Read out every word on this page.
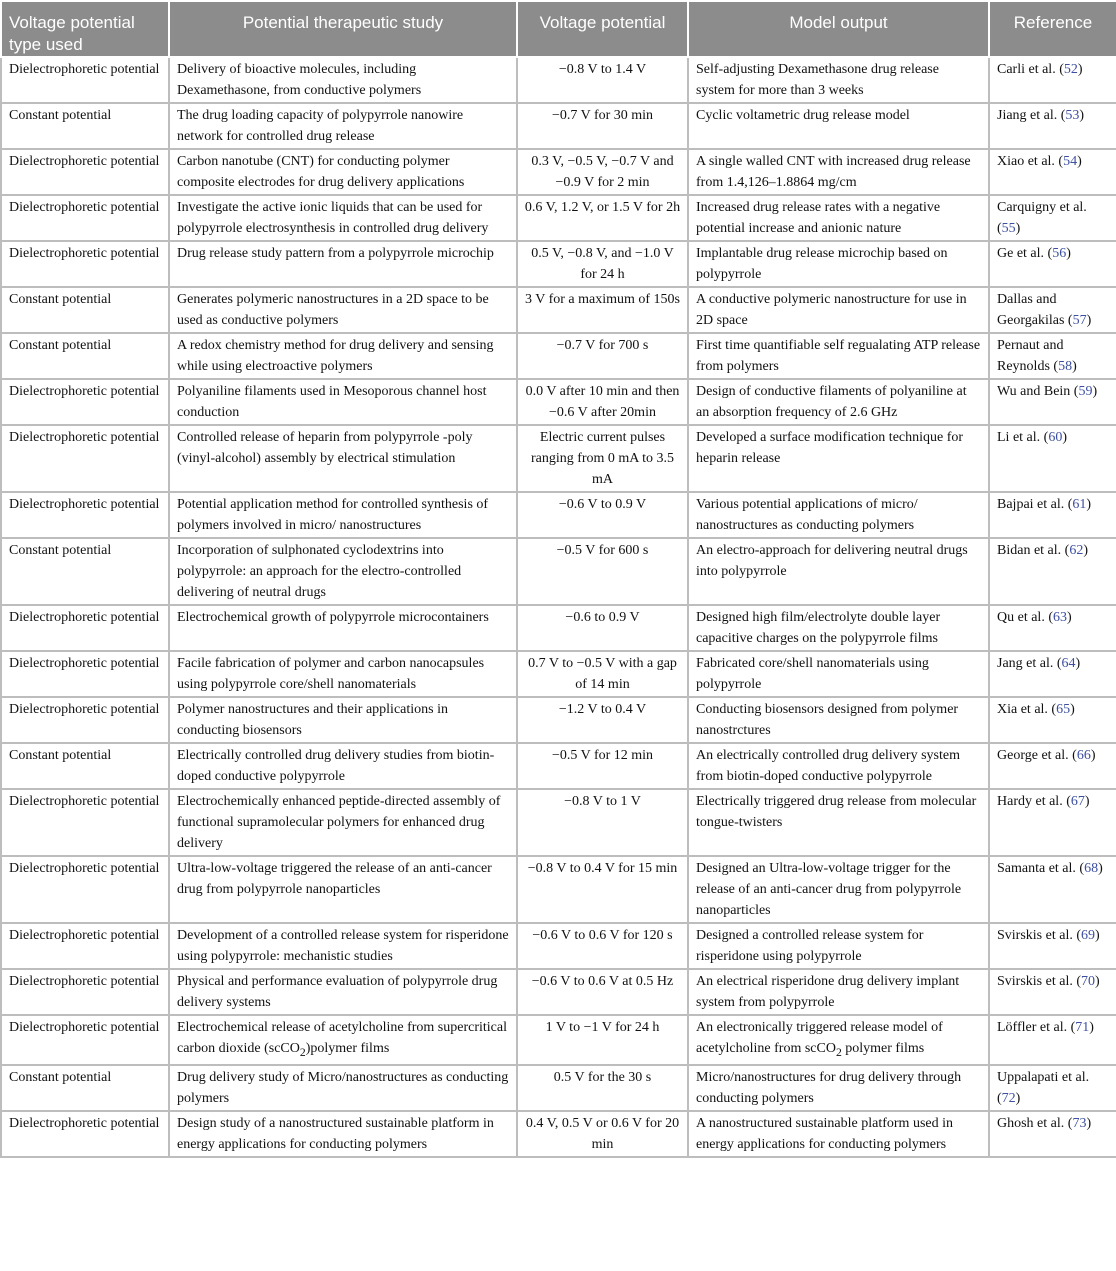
Voltage potential type used	Potential therapeutic study	Voltage potential	Model output	Reference
Dielectrophoretic potential	Delivery of bioactive molecules, including Dexamethasone, from conductive polymers	−0.8 V to 1.4 V	Self-adjusting Dexamethasone drug release system for more than 3 weeks	Carli et al. (52)
Constant potential	The drug loading capacity of polypyrrole nanowire network for controlled drug release	−0.7 V for 30 min	Cyclic voltametric drug release model	Jiang et al. (53)
Dielectrophoretic potential	Carbon nanotube (CNT) for conducting polymer composite electrodes for drug delivery applications	0.3 V, −0.5 V, −0.7 V and −0.9 V for 2 min	A single walled CNT with increased drug release from 1.4,126–1.8864 mg/cm	Xiao et al. (54)
Dielectrophoretic potential	Investigate the active ionic liquids that can be used for polypyrrole electrosynthesis in controlled drug delivery	0.6 V, 1.2 V, or 1.5 V for 2h	Increased drug release rates with a negative potential increase and anionic nature	Carquigny et al. (55)
Dielectrophoretic potential	Drug release study pattern from a polypyrrole microchip	0.5 V, −0.8 V, and −1.0 V for 24 h	Implantable drug release microchip based on polypyrrole	Ge et al. (56)
Constant potential	Generates polymeric nanostructures in a 2D space to be used as conductive polymers	3 V for a maximum of 150s	A conductive polymeric nanostructure for use in 2D space	Dallas and Georgakilas (57)
Constant potential	A redox chemistry method for drug delivery and sensing while using electroactive polymers	−0.7 V for 700 s	First time quantifiable self regualating ATP release from polymers	Pernaut and Reynolds (58)
Dielectrophoretic potential	Polyaniline filaments used in Mesoporous channel host conduction	0.0 V after 10 min and then −0.6 V after 20min	Design of conductive filaments of polyaniline at an absorption frequency of 2.6 GHz	Wu and Bein (59)
Dielectrophoretic potential	Controlled release of heparin from polypyrrole -poly (vinyl-alcohol) assembly by electrical stimulation	Electric current pulses ranging from 0 mA to 3.5 mA	Developed a surface modification technique for heparin release	Li et al. (60)
Dielectrophoretic potential	Potential application method for controlled synthesis of polymers involved in micro/ nanostructures	−0.6 V to 0.9 V	Various potential applications of micro/ nanostructures as conducting polymers	Bajpai et al. (61)
Constant potential	Incorporation of sulphonated cyclodextrins into polypyrrole: an approach for the electro-controlled delivering of neutral drugs	−0.5 V for 600 s	An electro-approach for delivering neutral drugs into polypyrrole	Bidan et al. (62)
Dielectrophoretic potential	Electrochemical growth of polypyrrole microcontainers	−0.6 to 0.9 V	Designed high film/electrolyte double layer capacitive charges on the polypyrrole films	Qu et al. (63)
Dielectrophoretic potential	Facile fabrication of polymer and carbon nanocapsules using polypyrrole core/shell nanomaterials	0.7 V to −0.5 V with a gap of 14 min	Fabricated core/shell nanomaterials using polypyrrole	Jang et al. (64)
Dielectrophoretic potential	Polymer nanostructures and their applications in conducting biosensors	−1.2 V to 0.4 V	Conducting biosensors designed from polymer nanostrctures	Xia et al. (65)
Constant potential	Electrically controlled drug delivery studies from biotin-doped conductive polypyrrole	−0.5 V for 12 min	An electrically controlled drug delivery system from biotin-doped conductive polypyrrole	George et al. (66)
Dielectrophoretic potential	Electrochemically enhanced peptide-directed assembly of functional supramolecular polymers for enhanced drug delivery	−0.8 V to 1 V	Electrically triggered drug release from molecular tongue-twisters	Hardy et al. (67)
Dielectrophoretic potential	Ultra-low-voltage triggered the release of an anti-cancer drug from polypyrrole nanoparticles	−0.8 V to 0.4 V for 15 min	Designed an Ultra-low-voltage trigger for the release of an anti-cancer drug from polypyrrole nanoparticles	Samanta et al. (68)
Dielectrophoretic potential	Development of a controlled release system for risperidone using polypyrrole: mechanistic studies	−0.6 V to 0.6 V for 120 s	Designed a controlled release system for risperidone using polypyrrole	Svirskis et al. (69)
Dielectrophoretic potential	Physical and performance evaluation of polypyrrole drug delivery systems	−0.6 V to 0.6 V at 0.5 Hz	An electrical risperidone drug delivery implant system from polypyrrole	Svirskis et al. (70)
Dielectrophoretic potential	Electrochemical release of acetylcholine from supercritical carbon dioxide (scCO$_2$)polymer films	1 V to −1 V for 24 h	An electronically triggered release model of acetylcholine from scCO$_2$ polymer films	Löffler et al. (71)
Constant potential	Drug delivery study of Micro/nanostructures as conducting polymers	0.5 V for the 30 s	Micro/nanostructures for drug delivery through conducting polymers	Uppalapati et al. (72)
Dielectrophoretic potential	Design study of a nanostructured sustainable platform in energy applications for conducting polymers	0.4 V, 0.5 V or 0.6 V for 20 min	A nanostructured sustainable platform used in energy applications for conducting polymers	Ghosh et al. (73)
